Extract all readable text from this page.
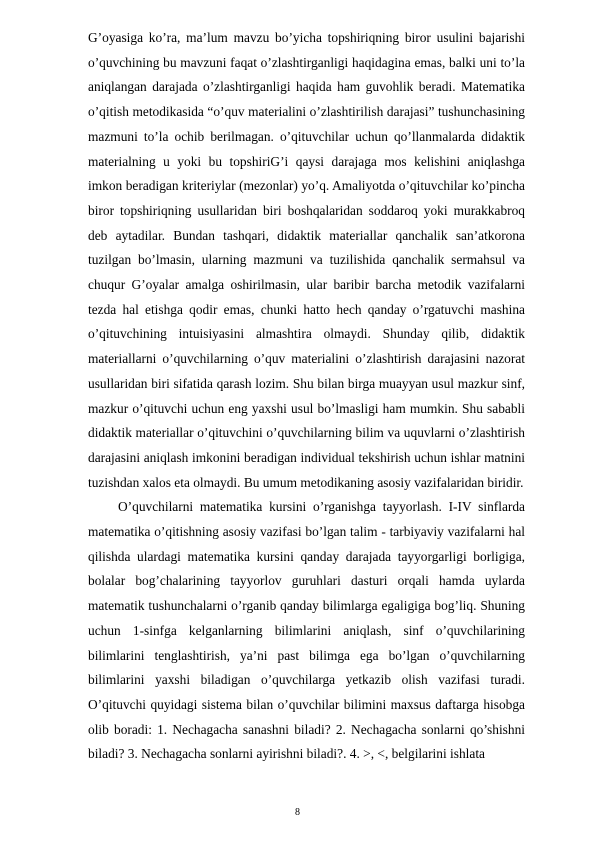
G’oyasiga ko’ra, ma’lum mavzu bo’yicha topshiriqning biror usulini bajarishi o’quvchining bu mavzuni faqat o’zlashtirganligi haqidagina emas, balki uni to’la aniqlangan darajada o’zlashtirganligi haqida ham guvohlik beradi. Matematika o’qitish metodikasida “o’quv materialini o’zlashtirilish darajasi” tushunchasining mazmuni to’la ochib berilmagan. o’qituvchilar uchun qo’llanmalarda didaktik materialning u yoki bu topshiriG’i qaysi darajaga mos kelishini aniqlashga imkon beradigan kriteriylar (mezonlar) yo’q. Amaliyotda o’qituvchilar ko’pincha biror topshiriqning usullaridan biri boshqalaridan soddaroq yoki murakkabroq deb aytadilar. Bundan tashqari, didaktik materiallar qanchalik san’atkorona tuzilgan bo’lmasin, ularning mazmuni va tuzilishida qanchalik sermahsul va chuqur G’oyalar amalga oshirilmasin, ular baribir barcha metodik vazifalarni tezda hal etishga qodir emas, chunki hatto hech qanday o’rgatuvchi mashina o’qituvchining intuisiyasini almashtira olmaydi. Shunday qilib, didaktik materiallarni o’quvchilarning o’quv materialini o’zlashtirish darajasini nazorat usullaridan biri sifatida qarash lozim. Shu bilan birga muayyan usul mazkur sinf, mazkur o’qituvchi uchun eng yaxshi usul bo’lmasligi ham mumkin. Shu sababli didaktik materiallar o’qituvchini o’quvchilarning bilim va uquvlarni o’zlashtirish darajasini aniqlash imkonini beradigan individual tekshirish uchun ishlar matnini tuzishdan xalos eta olmaydi. Bu umum metodikaning asosiy vazifalaridan biridir.

O’quvchilarni matematika kursini o’rganishga tayyorlash. I-IV sinflarda matematika o’qitishning asosiy vazifasi bo’lgan talim - tarbiyaviy vazifalarni hal qilishda ulardagi matematika kursini qanday darajada tayyorgarligi borligiga, bolalar bog’chalarining tayyorlov guruhlari dasturi orqali hamda uylarda matematik tushunchalarni o’rganib qanday bilimlarga egaligiga bog’liq. Shuning uchun 1-sinfga kelganlarning bilimlarini aniqlash, sinf o’quvchilarining bilimlarini tenglashtirish, ya’ni past bilimga ega bo’lgan o’quvchilarning bilimlarini yaxshi biladigan o’quvchilarga yetkazib olish vazifasi turadi. O’qituvchi quyidagi sistema bilan o’quvchilar bilimini maxsus daftarga hisobga olib boradi: 1. Nechagacha sanashni biladi? 2. Nechagacha sonlarni qo’shishni biladi? 3. Nechagacha sonlarni ayirishni biladi?. 4. >, <, belgilarini ishlata

8
